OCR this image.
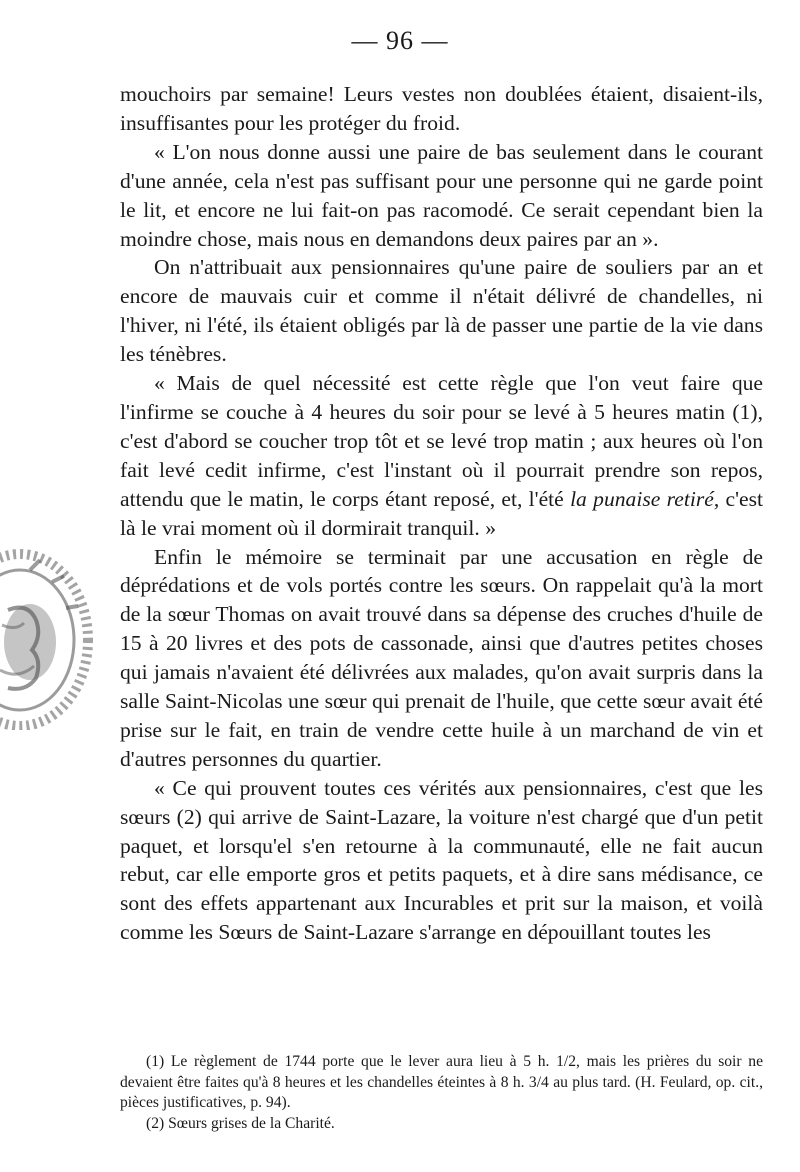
— 96 —

mouchoirs par semaine! Leurs vestes non doublées étaient, disaient-ils, insuffisantes pour les protéger du froid.

« L'on nous donne aussi une paire de bas seulement dans le courant d'une année, cela n'est pas suffisant pour une personne qui ne garde point le lit, et encore ne lui fait-on pas racomodé. Ce serait cependant bien la moindre chose, mais nous en demandons deux paires par an ».

On n'attribuait aux pensionnaires qu'une paire de souliers par an et encore de mauvais cuir et comme il n'était délivré de chandelles, ni l'hiver, ni l'été, ils étaient obligés par là de passer une partie de la vie dans les ténèbres.

« Mais de quel nécessité est cette règle que l'on veut faire que l'infirme se couche à 4 heures du soir pour se levé à 5 heures matin (1), c'est d'abord se coucher trop tôt et se levé trop matin ; aux heures où l'on fait levé cedit infirme, c'est l'instant où il pourrait prendre son repos, attendu que le matin, le corps étant reposé, et, l'été la punaise retiré, c'est là le vrai moment où il dormirait tranquil. »

Enfin le mémoire se terminait par une accusation en règle de déprédations et de vols portés contre les sœurs. On rappelait qu'à la mort de la sœur Thomas on avait trouvé dans sa dépense des cruches d'huile de 15 à 20 livres et des pots de cassonade, ainsi que d'autres petites choses qui jamais n'avaient été délivrées aux malades, qu'on avait surpris dans la salle Saint-Nicolas une sœur qui prenait de l'huile, que cette sœur avait été prise sur le fait, en train de vendre cette huile à un marchand de vin et d'autres personnes du quartier.

« Ce qui prouvent toutes ces vérités aux pensionnaires, c'est que les sœurs (2) qui arrive de Saint-Lazare, la voiture n'est chargé que d'un petit paquet, et lorsqu'el s'en retourne à la communauté, elle ne fait aucun rebut, car elle emporte gros et petits paquets, et à dire sans médisance, ce sont des effets appartenant aux Incurables et prit sur la maison, et voilà comme les Sœurs de Saint-Lazare s'arrange en dépouillant toutes les

(1) Le règlement de 1744 porte que le lever aura lieu à 5 h. 1/2, mais les prières du soir ne devaient être faites qu'à 8 heures et les chandelles éteintes à 8 h. 3/4 au plus tard. (H. Feulard, op. cit., pièces justificatives, p. 94).

(2) Sœurs grises de la Charité.
